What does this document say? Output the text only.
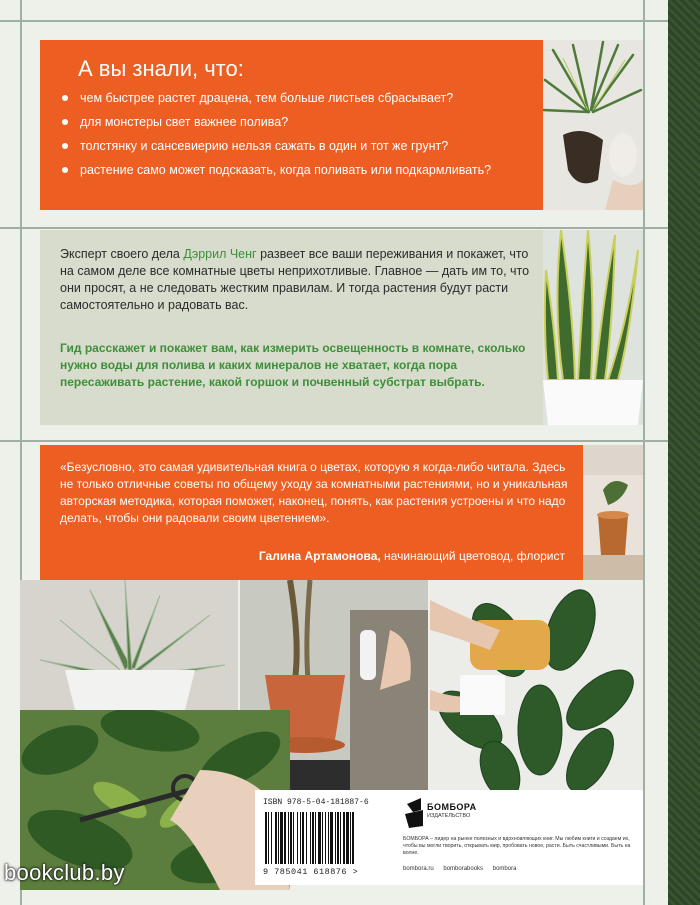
А вы знали, что:
чем быстрее растет драцена, тем больше листьев сбрасывает?
для монстеры свет важнее полива?
толстянку и сансевиерию нельзя сажать в один и тот же грунт?
растение само может подсказать, когда поливать или подкармливать?

Эксперт своего дела Дэррил Ченг развеет все ваши переживания и покажет, что на самом деле все комнатные цветы неприхотливые. Главное — дать им то, что они просят, а не следовать жестким правилам. И тогда растения будут расти самостоятельно и радовать вас.

Гид расскажет и покажет вам, как измерить освещенность в комнате, сколько нужно воды для полива и каких минералов не хватает, когда пора пересаживать растение, какой горшок и почвенный субстрат выбрать.

«Безусловно, это самая удивительная книга о цветах, которую я когда-либо читала. Здесь не только отличные советы по общему уходу за комнатными растениями, но и уникальная авторская методика, которая поможет, наконец, понять, как растения устроены и что надо делать, чтобы они радовали своим цветением».

Галина Артамонова, начинающий цветовод, флорист
ISBN 978-5-04-181887-6
9 785041 618876 >
БОМБОРА
ИЗДАТЕЛЬСТВО
БОМБОРА – лидер на рынке полезных и вдохновляющих книг. Мы любим книги и создаем их, чтобы вы могли творить, открывать мир, пробовать новое, расти. Быть счастливыми. Быть на волне.
bombora.ru bomborabooks bombora
bookclub.by
